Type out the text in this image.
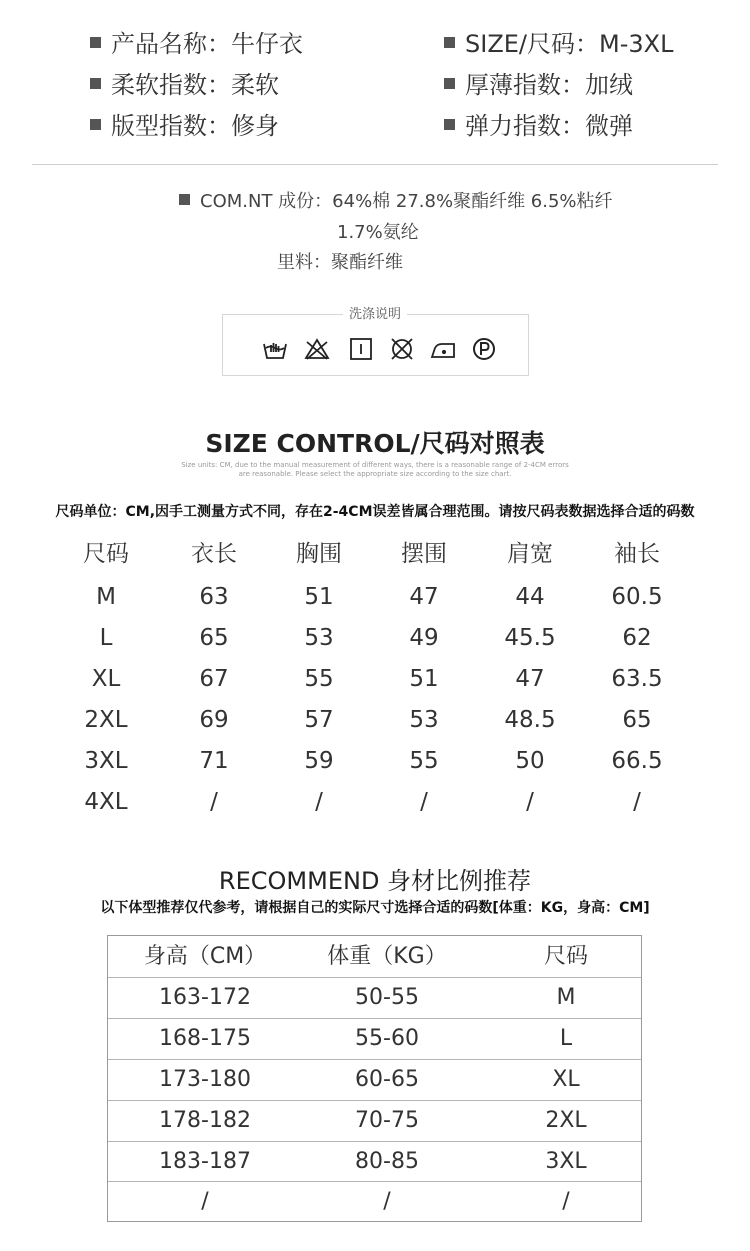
产品名称：牛仔衣	SIZE/尺码：M-3XL
柔软指数：柔软	厚薄指数：加绒
版型指数：修身	弹力指数：微弹
COM.NT 成份：64%棉 27.8%聚酯纤维 6.5%粘纤
1.7%氨纶
里料：聚酯纤维
洗涤说明
SIZE CONTROL/尺码对照表
Size units: CM, due to the manual measurement of different ways, there is a reasonable range of 2-4CM errors
are reasonable. Please select the appropriate size according to the size chart.
尺码单位：CM,因手工测量方式不同，存在2-4CM误差皆属合理范围。请按尺码表数据选择合适的码数
尺码	衣长	胸围	摆围	肩宽	袖长
M	63	51	47	44	60.5
L	65	53	49	45.5	62
XL	67	55	51	47	63.5
2XL	69	57	53	48.5	65
3XL	71	59	55	50	66.5
4XL	/	/	/	/	/
RECOMMEND 身材比例推荐
以下体型推荐仅代参考，请根据自己的实际尺寸选择合适的码数[体重：KG，身高：CM]
身高（CM）	体重（KG）	尺码
163-172	50-55	M
168-175	55-60	L
173-180	60-65	XL
178-182	70-75	2XL
183-187	80-85	3XL
/	/	/
